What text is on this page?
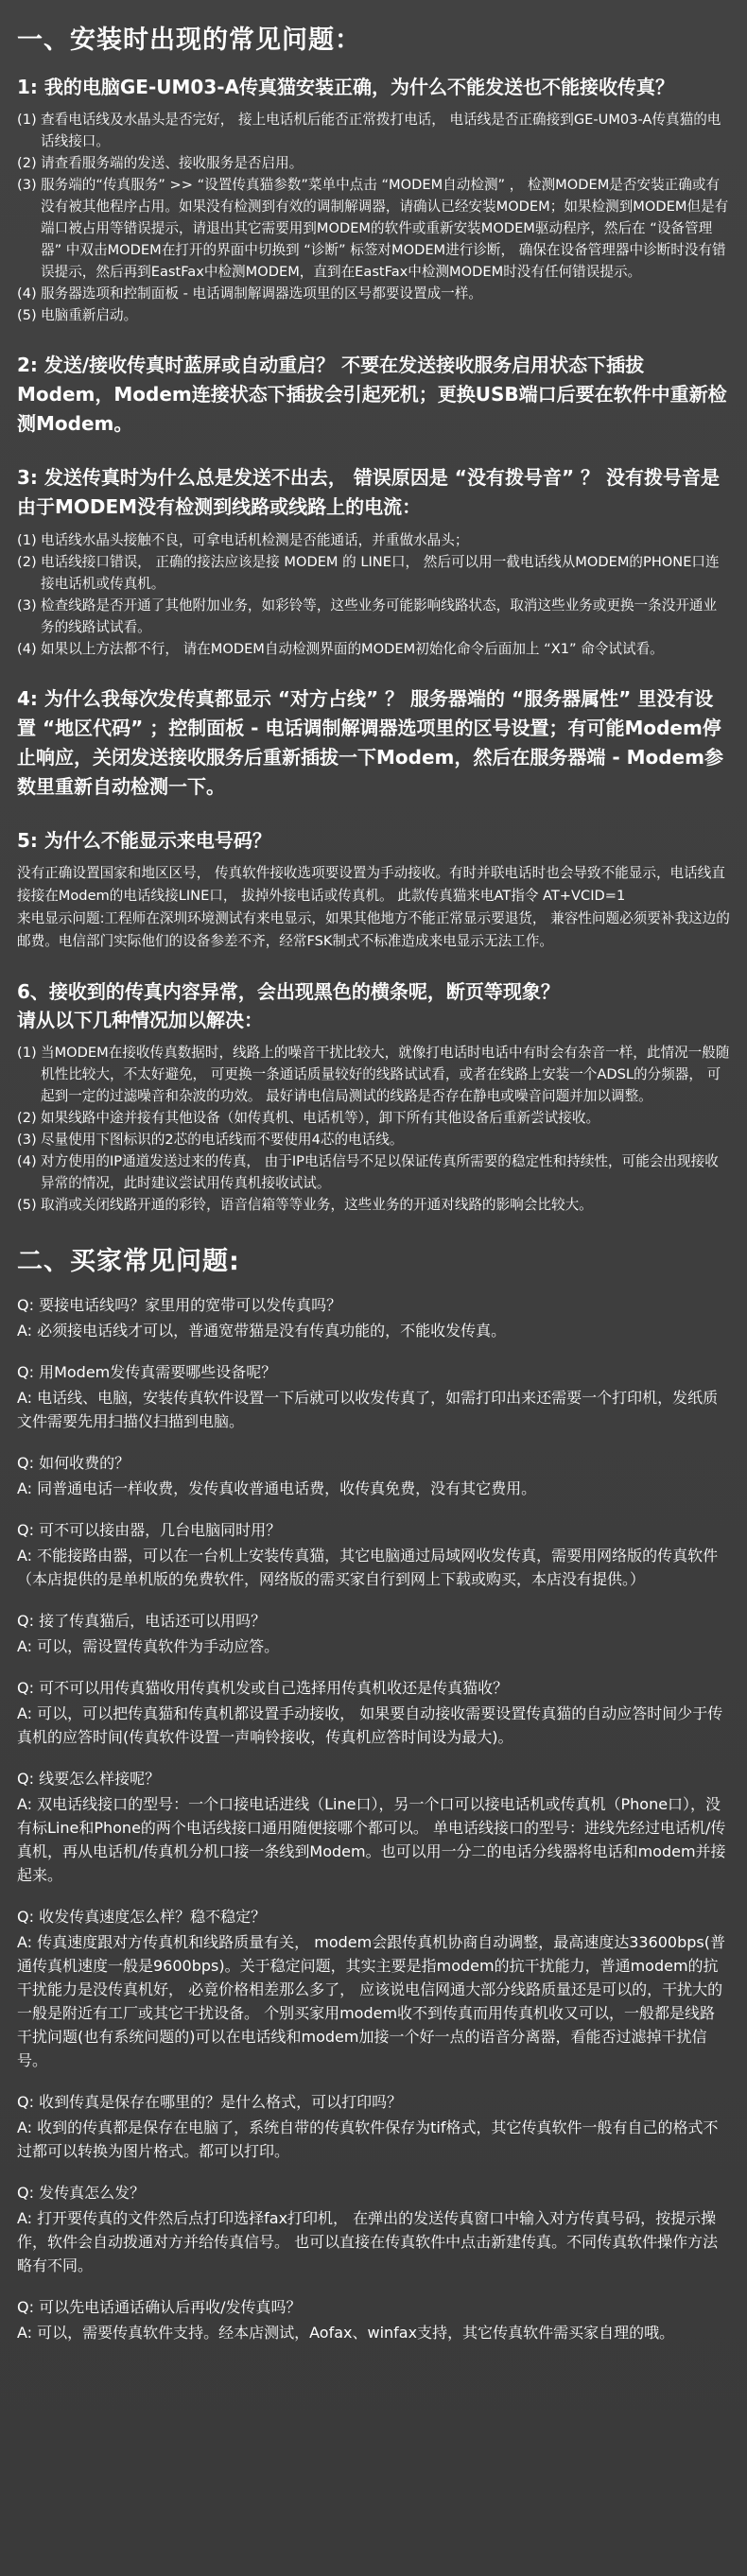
一、安装时出现的常见问题：
1: 我的电脑GE-UM03-A传真猫安装正确，为什么不能发送也不能接收传真？
(1) 查看电话线及水晶头是否完好， 接上电话机后能否正常拨打电话， 电话线是否正确接到GE-UM03-A传真猫的电话线接口。
(2) 请查看服务端的发送、接收服务是否启用。
(3) 服务端的“传真服务” >> “设置传真猫参数”菜单中点击 “MODEM自动检测” ， 检测MODEM是否安装正确或有没有被其他程序占用。如果没有检测到有效的调制解调器，请确认已经安装MODEM；如果检测到MODEM但是有端口被占用等错误提示，请退出其它需要用到MODEM的软件或重新安装MODEM驱动程序，然后在 “设备管理器” 中双击MODEM在打开的界面中切换到 “诊断” 标签对MODEM进行诊断， 确保在设备管理器中诊断时没有错误提示，然后再到EastFax中检测MODEM，直到在EastFax中检测MODEM时没有任何错误提示。
(4) 服务器选项和控制面板 - 电话调制解调器选项里的区号都要设置成一样。
(5) 电脑重新启动。
2: 发送/接收传真时蓝屏或自动重启？ 不要在发送接收服务启用状态下插拔Modem，Modem连接状态下插拔会引起死机；更换USB端口后要在软件中重新检测Modem。
3: 发送传真时为什么总是发送不出去， 错误原因是 “没有拨号音” ？ 没有拨号音是由于MODEM没有检测到线路或线路上的电流：
(1) 电话线水晶头接触不良，可拿电话机检测是否能通话，并重做水晶头；
(2) 电话线接口错误， 正确的接法应该是接 MODEM 的 LINE口， 然后可以用一截电话线从MODEM的PHONE口连接电话机或传真机。
(3) 检查线路是否开通了其他附加业务，如彩铃等，这些业务可能影响线路状态，取消这些业务或更换一条没开通业务的线路试试看。
(4) 如果以上方法都不行， 请在MODEM自动检测界面的MODEM初始化命令后面加上 “X1” 命令试试看。
4: 为什么我每次发传真都显示 “对方占线” ？ 服务器端的 “服务器属性” 里没有设置 “地区代码” ；控制面板 - 电话调制解调器选项里的区号设置；有可能Modem停止响应，关闭发送接收服务后重新插拔一下Modem，然后在服务器端 - Modem参数里重新自动检测一下。
5: 为什么不能显示来电号码？

没有正确设置国家和地区区号， 传真软件接收选项要设置为手动接收。有时并联电话时也会导致不能显示，电话线直接接在Modem的电话线接LINE口， 拔掉外接电话或传真机。 此款传真猫来电AT指令 AT+VCID=1

来电显示问题:工程师在深圳环境测试有来电显示，如果其他地方不能正常显示要退货， 兼容性问题必须要补我这边的邮费。电信部门实际他们的设备参差不齐，经常FSK制式不标准造成来电显示无法工作。

6、接收到的传真内容异常，会出现黑色的横条呢，断页等现象？
请从以下几种情况加以解决：
(1) 当MODEM在接收传真数据时，线路上的噪音干扰比较大，就像打电话时电话中有时会有杂音一样，此情况一般随机性比较大，不太好避免， 可更换一条通话质量较好的线路试试看，或者在线路上安装一个ADSL的分频器， 可起到一定的过滤噪音和杂波的功效。 最好请电信局测试的线路是否存在静电或噪音问题并加以调整。
(2) 如果线路中途并接有其他设备（如传真机、电话机等），卸下所有其他设备后重新尝试接收。
(3) 尽量使用下图标识的2芯的电话线而不要使用4芯的电话线。
(4) 对方使用的IP通道发送过来的传真， 由于IP电话信号不足以保证传真所需要的稳定性和持续性，可能会出现接收异常的情况，此时建议尝试用传真机接收试试。
(5) 取消或关闭线路开通的彩铃，语音信箱等等业务，这些业务的开通对线路的影响会比较大。
二、买家常见问题:

Q: 要接电话线吗？家里用的宽带可以发传真吗？

A: 必须接电话线才可以，普通宽带猫是没有传真功能的，不能收发传真。

Q: 用Modem发传真需要哪些设备呢？

A: 电话线、电脑，安装传真软件设置一下后就可以收发传真了，如需打印出来还需要一个打印机，发纸质文件需要先用扫描仪扫描到电脑。

Q: 如何收费的？

A: 同普通电话一样收费，发传真收普通电话费，收传真免费，没有其它费用。

Q: 可不可以接由器，几台电脑同时用？

A: 不能接路由器，可以在一台机上安装传真猫，其它电脑通过局域网收发传真，需要用网络版的传真软件（本店提供的是单机版的免费软件，网络版的需买家自行到网上下载或购买，本店没有提供。）

Q: 接了传真猫后，电话还可以用吗？

A: 可以，需设置传真软件为手动应答。

Q: 可不可以用传真猫收用传真机发或自己选择用传真机收还是传真猫收？

A: 可以，可以把传真猫和传真机都设置手动接收， 如果要自动接收需要设置传真猫的自动应答时间少于传真机的应答时间(传真软件设置一声响铃接收，传真机应答时间设为最大)。

Q: 线要怎么样接呢？

A: 双电话线接口的型号：一个口接电话进线（Line口），另一个口可以接电话机或传真机（Phone口），没有标Line和Phone的两个电话线接口通用随便接哪个都可以。 单电话线接口的型号：进线先经过电话机/传真机，再从电话机/传真机分机口接一条线到Modem。也可以用一分二的电话分线器将电话和modem并接起来。

Q: 收发传真速度怎么样？稳不稳定？

A: 传真速度跟对方传真机和线路质量有关， modem会跟传真机协商自动调整，最高速度达33600bps(普通传真机速度一般是9600bps)。关于稳定问题，其实主要是指modem的抗干扰能力，普通modem的抗干扰能力是没传真机好， 必竟价格相差那么多了， 应该说电信网通大部分线路质量还是可以的，干扰大的一般是附近有工厂或其它干扰设备。 个别买家用modem收不到传真而用传真机收又可以，一般都是线路干扰问题(也有系统问题的)可以在电话线和modem加接一个好一点的语音分离器，看能否过滤掉干扰信号。

Q: 收到传真是保存在哪里的？是什么格式，可以打印吗？

A: 收到的传真都是保存在电脑了，系统自带的传真软件保存为tif格式，其它传真软件一般有自己的格式不过都可以转换为图片格式。都可以打印。

Q: 发传真怎么发？

A: 打开要传真的文件然后点打印选择fax打印机， 在弹出的发送传真窗口中输入对方传真号码，按提示操作，软件会自动拨通对方并给传真信号。 也可以直接在传真软件中点击新建传真。不同传真软件操作方法略有不同。

Q: 可以先电话通话确认后再收/发传真吗？

A: 可以，需要传真软件支持。经本店测试，Aofax、winfax支持，其它传真软件需买家自理的哦。
